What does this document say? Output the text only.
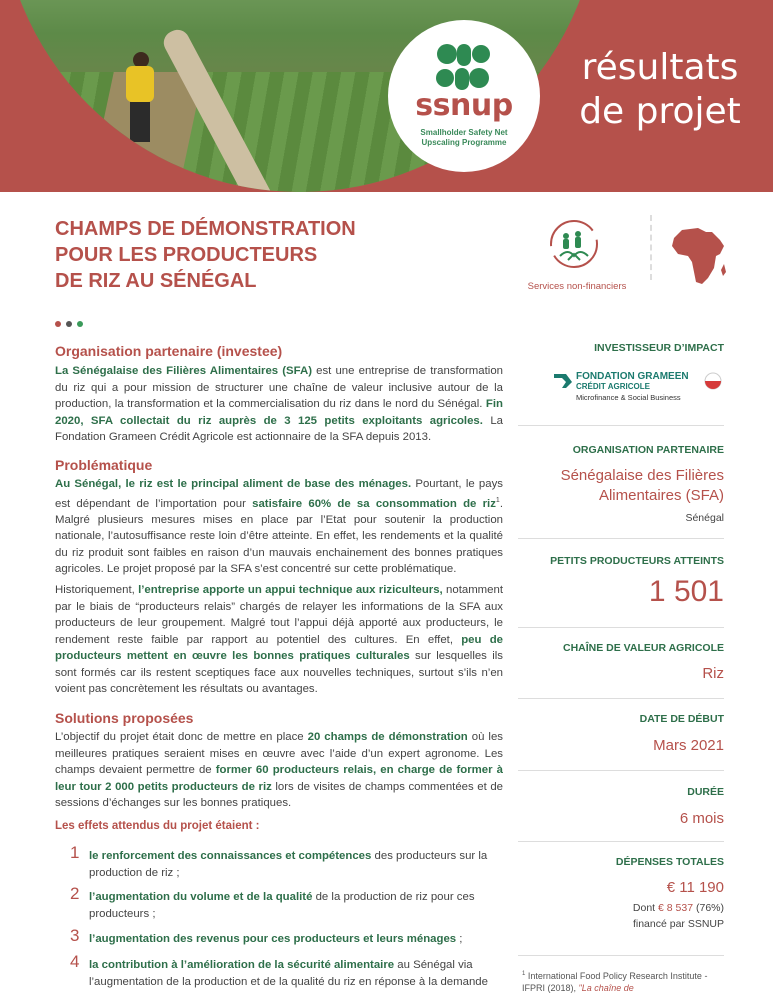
ssnup
Smallholder Safety Net
Upscaling Programme
résultats
de projet
CHAMPS DE DÉMONSTRATION
POUR LES PRODUCTEURS
DE RIZ AU SÉNÉGAL	Services non-financiers
Organisation partenaire (investee)
La Sénégalaise des Filières Alimentaires (SFA) est une entreprise de transformation du riz qui a pour mission de structurer une chaîne de valeur inclusive autour de la production, la transformation et la commercialisation du riz dans le nord du Sénégal. Fin 2020, SFA collectait du riz auprès de 3 125 petits exploitants agricoles. La Fondation Grameen Crédit Agricole est actionnaire de la SFA depuis 2013.
Problématique
Au Sénégal, le riz est le principal aliment de base des ménages. Pourtant, le pays est dépendant de l’importation pour satisfaire 60% de sa consommation de riz$^1$. Malgré plusieurs mesures mises en place par l’Etat pour soutenir la production nationale, l’autosuffisance reste loin d’être atteinte. En effet, les rendements et la qualité du riz produit sont faibles en raison d’un mauvais enchainement des bonnes pratiques agricoles. Le projet proposé par la SFA s’est concentré sur cette problématique.
Historiquement, l’entreprise apporte un appui technique aux riziculteurs, notamment par le biais de “producteurs relais” chargés de relayer les informations de la SFA aux producteurs de leur groupement. Malgré tout l’appui déjà apporté aux producteurs, le rendement reste faible par rapport au potentiel des cultures. En effet, peu de producteurs mettent en œuvre les bonnes pratiques culturales sur lesquelles ils sont formés car ils restent sceptiques face aux nouvelles techniques, surtout s’ils n’en voient pas concrètement les résultats ou avantages.
Solutions proposées
L’objectif du projet était donc de mettre en place 20 champs de démonstration où les meilleures pratiques seraient mises en œuvre avec l’aide d’un expert agronome. Les champs devaient permettre de former 60 producteurs relais, en charge de former à leur tour 2 000 petits producteurs de riz lors de visites de champs commentées et de sessions d’échanges sur les bonnes pratiques.
Les effets attendus du projet étaient :
1 le renforcement des connaissances et compétences des producteurs sur la production de riz ;
2 l’augmentation du volume et de la qualité de la production de riz pour ces producteurs ;
3 l’augmentation des revenus pour ces producteurs et leurs ménages ;
4 la contribution à l’amélioration de la sécurité alimentaire au Sénégal via l’augmentation de la production et de la qualité du riz en réponse à la demande
INVESTISSEUR D’IMPACT
FONDATION GRAMEEN
CRÉDIT AGRICOLE
Microfinance & Social Business
ORGANISATION PARTENAIRE
Sénégalaise des Filières Alimentaires (SFA)
Sénégal
PETITS PRODUCTEURS ATTEINTS
1 501
CHAÎNE DE VALEUR AGRICOLE
Riz
DATE DE DÉBUT
Mars 2021
DURÉE
6 mois
DÉPENSES TOTALES
€ 11 190
Dont € 8 537 (76%)
financé par SSNUP
$^1$ International Food Policy Research Institute - IFPRI (2018), "La chaîne de
